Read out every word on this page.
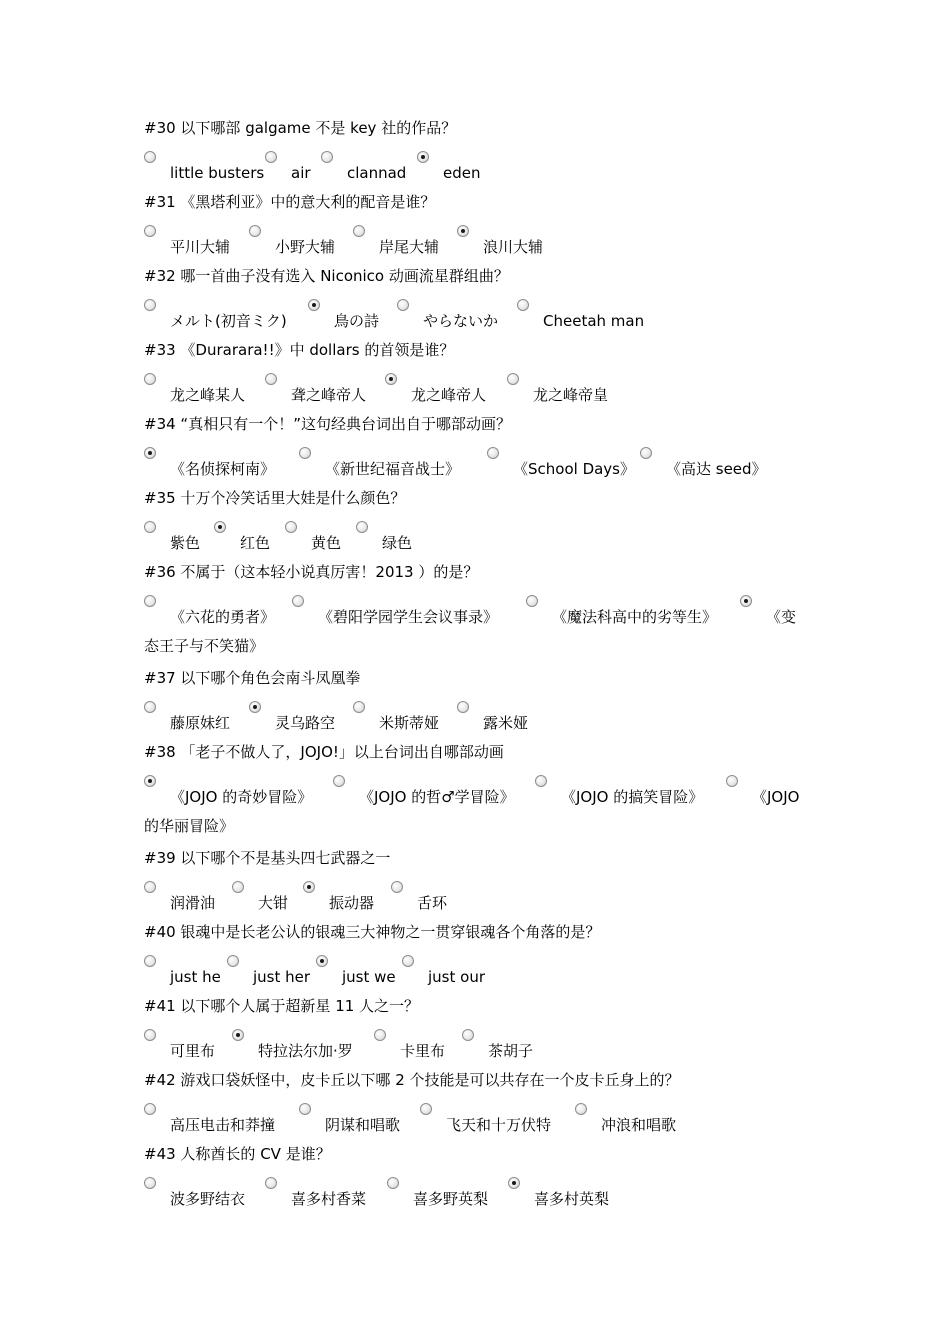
#30 以下哪部 galgame 不是 key 社的作品？
little busters air clannad eden
#31 《黑塔利亚》中的意大利的配音是谁？
平川大辅	小野大辅	岸尾大辅	浪川大辅
#32 哪一首曲子没有选入 Niconico 动画流星群组曲？
メルト(初音ミク)	鳥の詩	やらないか	Cheetah man
#33 《Durarara!!》中 dollars 的首领是谁？
龙之峰某人	聋之峰帝人	龙之峰帝人	龙之峰帝皇
#34 “真相只有一个！”这句经典台词出自于哪部动画？
《名侦探柯南》	《新世纪福音战士》	《School Days》 《高达 seed》
#35 十万个冷笑话里大娃是什么颜色？
紫色	红色	黄色	绿色
#36 不属于（这本轻小说真厉害！2013 ）的是？
《六花的勇者》	《碧阳学园学生会议事录》	《魔法科高中的劣等生》	《变
态王子与不笑猫》
#37 以下哪个角色会南斗凤凰拳
藤原妹红	灵乌路空	米斯蒂娅	露米娅
#38 「老子不做人了，JOJO!」以上台词出自哪部动画
《JOJO 的奇妙冒险》	《JOJO 的哲♂学冒险》	《JOJO 的搞笑冒险》	《JOJO
的华丽冒险》
#39 以下哪个不是基头四七武器之一
润滑油	大钳	振动器	舌环
#40 银魂中是长老公认的银魂三大神物之一贯穿银魂各个角落的是？
just he just her just we just our
#41 以下哪个人属于超新星 11 人之一？
可里布	特拉法尔加·罗	卡里布	茶胡子
#42 游戏口袋妖怪中，皮卡丘以下哪 2 个技能是可以共存在一个皮卡丘身上的？
高压电击和莽撞	阴谋和唱歌	飞天和十万伏特	冲浪和唱歌
#43 人称酋长的 CV 是谁？
波多野结衣	喜多村香菜	喜多野英梨	喜多村英梨
